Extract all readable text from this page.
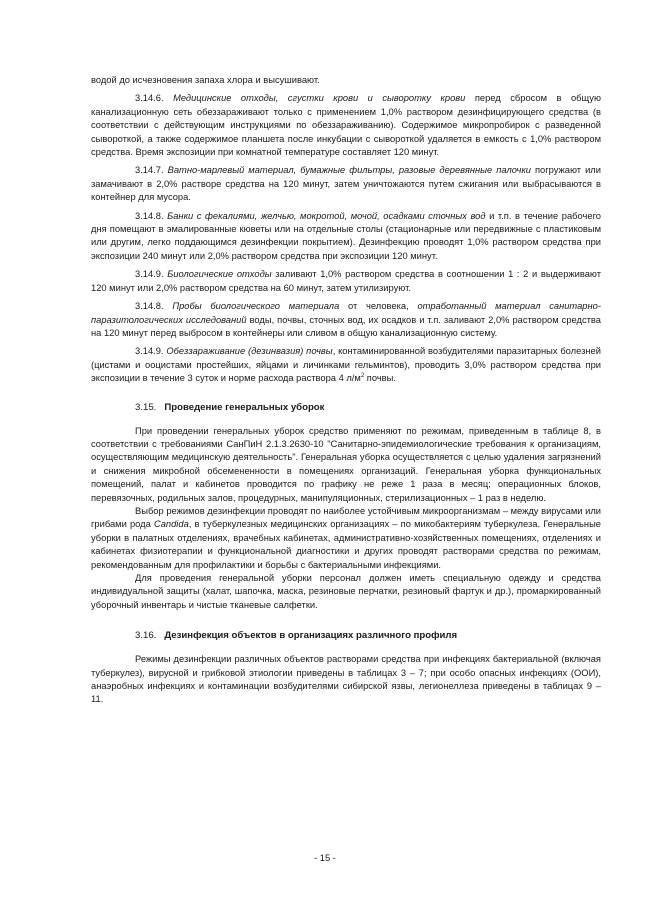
водой до исчезновения запаха хлора и высушивают.

3.14.6. Медицинские отходы, сгустки крови и сыворотку крови перед сбросом в общую канализационную сеть обеззараживают только с применением 1,0% раствором дезинфицирующего средства (в соответствии с действующим инструкциями по обеззараживанию). Содержимое микропробирок с разведенной сывороткой, а также содержимое планшета после инкубации с сывороткой удаляется в емкость с 1,0% раствором средства. Время экспозиции при комнатной температуре составляет 120 минут.

3.14.7. Ватно-марлевый материал, бумажные фильтры, разовые деревянные палочки погружают или замачивают в 2,0% растворе средства на 120 минут, затем уничтожаются путем сжигания или выбрасываются в контейнер для мусора.

3.14.8. Банки с фекалиями, желчью, мокротой, мочой, осадками сточных вод и т.п. в течение рабочего дня помещают в эмалированные кюветы или на отдельные столы (стационарные или передвижные с пластиковым или другим, легко поддающимся дезинфекции покрытием). Дезинфекцию проводят 1,0% раствором средства при экспозиции 240 минут или 2,0% раствором средства при экспозиции 120 минут.

3.14.9. Биологические отходы заливают 1,0% раствором средства в соотношении 1 : 2 и выдерживают 120 минут или 2,0% раствором средства на 60 минут, затем утилизируют.

3.14.8. Пробы биологического материала от человека, отработанный материал санитарно-паразитологических исследований воды, почвы, сточных вод, их осадков и т.п. заливают 2,0% раствором средства на 120 минут перед выбросом в контейнеры или сливом в общую канализационную систему.

3.14.9. Обеззараживание (дезинвазия) почвы, контаминированной возбудителями паразитарных болезней (цистами и ооцистами простейших, яйцами и личинками гельминтов), проводить 3,0% раствором средства при экспозиции в течение 3 суток и норме расхода раствора 4 $л/м^2$ почвы.

3.15. Проведение генеральных уборок

При проведении генеральных уборок средство применяют по режимам, приведенным в таблице 8, в соответствии с требованиями СанПиН 2.1.3.2630-10 "Санитарно-эпидемиологические требования к организациям, осуществляющим медицинскую деятельность". Генеральная уборка осуществляется с целью удаления загрязнений и снижения микробной обсемененности в помещениях организаций. Генеральная уборка функциональных помещений, палат и кабинетов проводится по графику не реже 1 раза в месяц; операционных блоков, перевязочных, родильных залов, процедурных, манипуляционных, стерилизационных – 1 раз в неделю.

Выбор режимов дезинфекции проводят по наиболее устойчивым микроорганизмам – между вирусами или грибами рода Candida, в туберкулезных медицинских организациях – по микобактериям туберкулеза. Генеральные уборки в палатных отделениях, врачебных кабинетах, административно-хозяйственных помещениях, отделениях и кабинетах физиотерапии и функциональной диагностики и других проводят растворами средства по режимам, рекомендованным для профилактики и борьбы с бактериальными инфекциями.

Для проведения генеральной уборки персонал должен иметь специальную одежду и средства индивидуальной защиты (халат, шапочка, маска, резиновые перчатки, резиновый фартук и др.), промаркированный уборочный инвентарь и чистые тканевые салфетки.

3.16. Дезинфекция объектов в организациях различного профиля

Режимы дезинфекции различных объектов растворами средства при инфекциях бактериальной (включая туберкулез), вирусной и грибковой этиологии приведены в таблицах 3 – 7; при особо опасных инфекциях (ООИ), анаэробных инфекциях и контаминации возбудителями сибирской язвы, легионеллеза приведены в таблицах 9 – 11.

- 15 -
